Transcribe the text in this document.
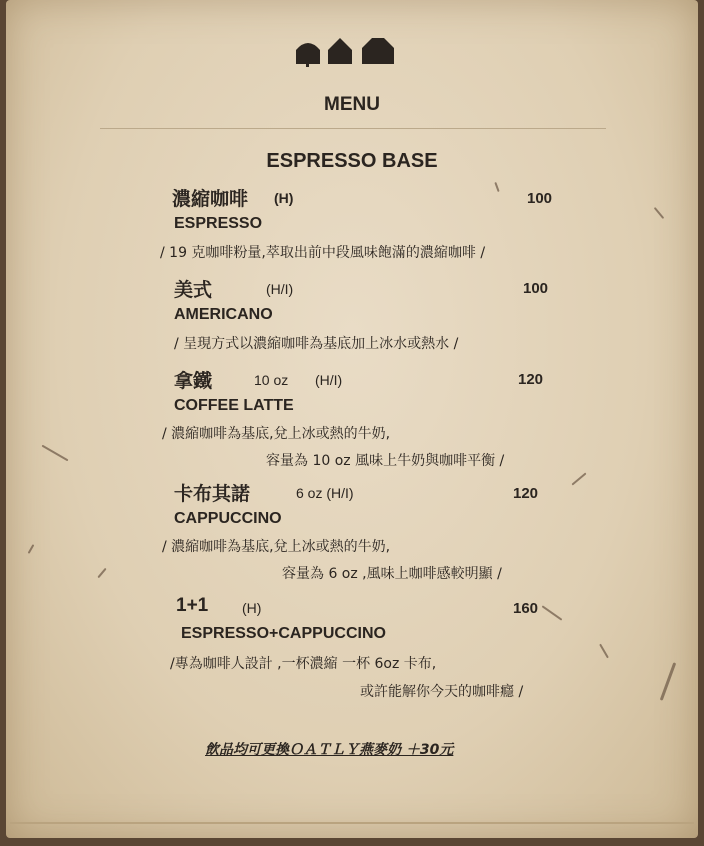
MENU
ESPRESSO BASE
濃縮咖啡 (H)	100
ESPRESSO
/ 19 克咖啡粉量,萃取出前中段風味飽滿的濃縮咖啡 /
美式	(H/I)	100
AMERICANO
/ 呈現方式以濃縮咖啡為基底加上冰水或熱水 /
拿鐵	10 oz (H/I)	120
COFFEE LATTE
/ 濃縮咖啡為基底,兌上冰或熱的牛奶,
容量為 10 oz 風味上牛奶與咖啡平衡 /
卡布其諾	6 oz (H/I)	120
CAPPUCCINO
/ 濃縮咖啡為基底,兌上冰或熱的牛奶,
容量為 6 oz ,風味上咖啡感較明顯 /
1+1 (H)	160
ESPRESSO+CAPPUCCINO
/專為咖啡人設計 ,一杯濃縮 一杯 6oz 卡布,
或許能解你今天的咖啡癮 /
飲品均可更換ＯＡＴＬＹ燕麥奶 ＋30元
